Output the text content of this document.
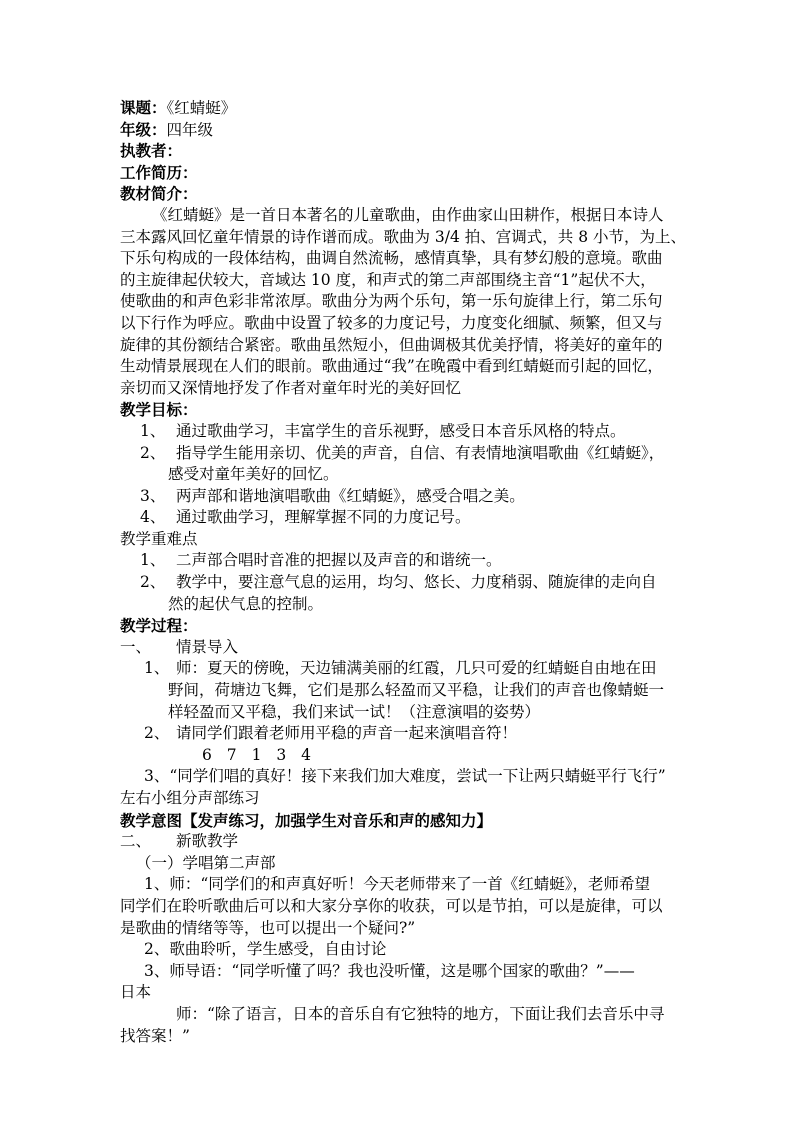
课题：《红蜻蜓》
年级：四年级
执教者：
工作简历：
教材简介：
《红蜻蜓》是一首日本著名的儿童歌曲，由作曲家山田耕作，根据日本诗人
三本露风回忆童年情景的诗作谱而成。歌曲为 3/4 拍、宫调式，共 8 小节，为上、
下乐句构成的一段体结构，曲调自然流畅，感情真挚，具有梦幻般的意境。歌曲
的主旋律起伏较大，音域达 10 度，和声式的第二声部围绕主音“1”起伏不大，
使歌曲的和声色彩非常浓厚。歌曲分为两个乐句，第一乐句旋律上行，第二乐句
以下行作为呼应。歌曲中设置了较多的力度记号，力度变化细腻、频繁，但又与
旋律的其份额结合紧密。歌曲虽然短小，但曲调极其优美抒情，将美好的童年的
生动情景展现在人们的眼前。歌曲通过“我”在晚霞中看到红蜻蜓而引起的回忆，
亲切而又深情地抒发了作者对童年时光的美好回忆
教学目标：
1、 通过歌曲学习，丰富学生的音乐视野，感受日本音乐风格的特点。
2、 指导学生能用亲切、优美的声音，自信、有表情地演唱歌曲《红蜻蜓》，
感受对童年美好的回忆。
3、 两声部和谐地演唱歌曲《红蜻蜓》，感受合唱之美。
4、 通过歌曲学习，理解掌握不同的力度记号。
教学重难点
1、 二声部合唱时音准的把握以及声音的和谐统一。
2、 教学中，要注意气息的运用，均匀、悠长、力度稍弱、随旋律的走向自
然的起伏气息的控制。
教学过程：
一、 情景导入
1、 师：夏天的傍晚，天边铺满美丽的红霞，几只可爱的红蜻蜓自由地在田
野间，荷塘边飞舞，它们是那么轻盈而又平稳，让我们的声音也像蜻蜓一
样轻盈而又平稳，我们来试一试！（注意演唱的姿势）
2、 请同学们跟着老师用平稳的声音一起来演唱音符！
6 7 1 3 4
3、“同学们唱的真好！接下来我们加大难度，尝试一下让两只蜻蜓平行飞行”
左右小组分声部练习
教学意图【发声练习，加强学生对音乐和声的感知力】
二、 新歌教学
（一）学唱第二声部
1、师：“同学们的和声真好听！今天老师带来了一首《红蜻蜓》，老师希望
同学们在聆听歌曲后可以和大家分享你的收获，可以是节拍，可以是旋律，可以
是歌曲的情绪等等，也可以提出一个疑问?”
2、歌曲聆听，学生感受，自由讨论
3、师导语：“同学听懂了吗？我也没听懂，这是哪个国家的歌曲？”——
日本
师：“除了语言，日本的音乐自有它独特的地方，下面让我们去音乐中寻
找答案！”
